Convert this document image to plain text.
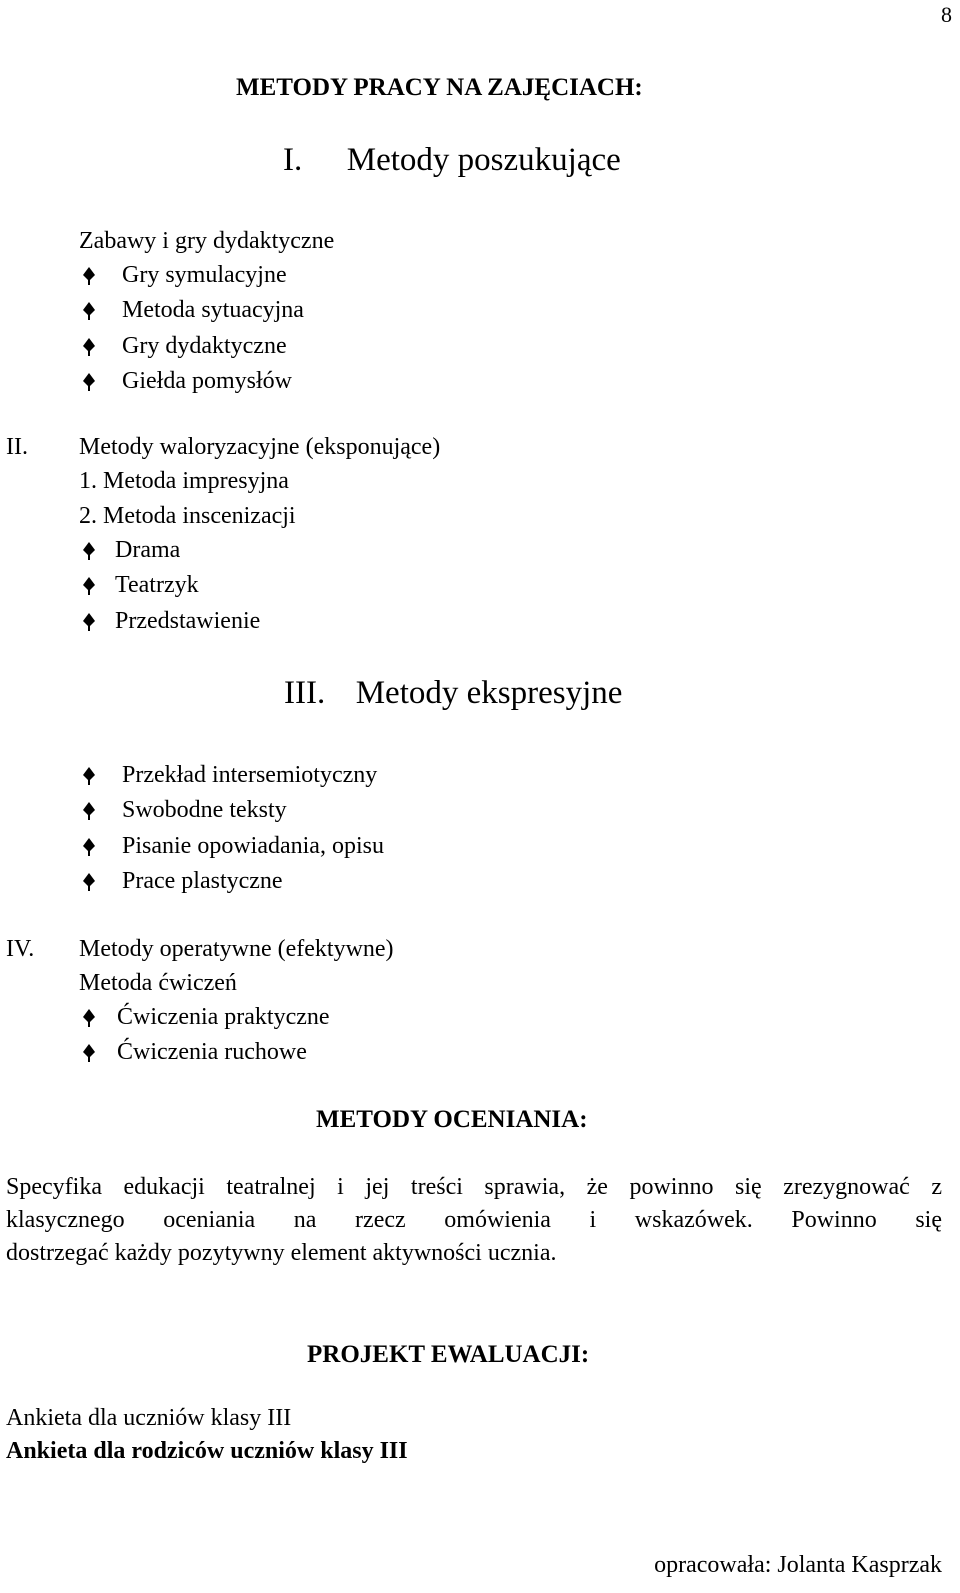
8
METODY PRACY NA ZAJĘCIACH:
I. Metody poszukujące
Zabawy i gry dydaktyczne
Gry symulacyjne
Metoda sytuacyjna
Gry dydaktyczne
Giełda pomysłów
II. Metody waloryzacyjne (eksponujące)
1. Metoda impresyjna
2. Metoda inscenizacji
Drama
Teatrzyk
Przedstawienie
III. Metody ekspresyjne
Przekład intersemiotyczny
Swobodne teksty
Pisanie opowiadania, opisu
Prace plastyczne
IV. Metody operatywne (efektywne)
Metoda ćwiczeń
Ćwiczenia praktyczne
Ćwiczenia ruchowe
METODY OCENIANIA:
Specyfika edukacji teatralnej i jej treści sprawia, że powinno się zrezygnować z
klasycznego oceniania na rzecz omówienia i wskazówek. Powinno się
dostrzegać każdy pozytywny element aktywności ucznia.
PROJEKT EWALUACJI:
Ankieta dla uczniów klasy III
Ankieta dla rodziców uczniów klasy III
opracowała: Jolanta Kasprzak
